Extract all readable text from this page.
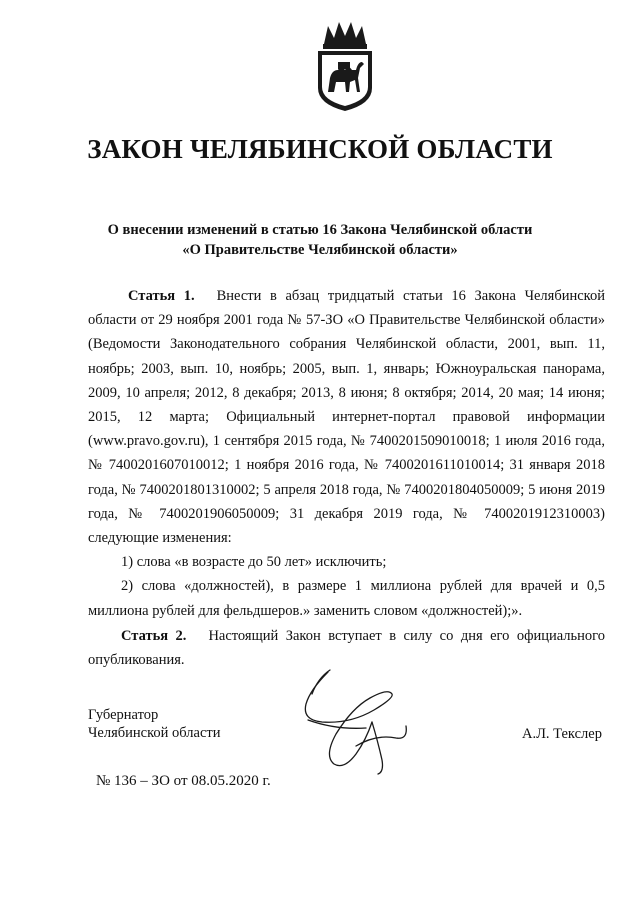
ЗАКОН ЧЕЛЯБИНСКОЙ ОБЛАСТИ
О внесении изменений в статью 16 Закона Челябинской области
«О Правительстве Челябинской области»

Статья 1. Внести в абзац тридцатый статьи 16 Закона Челябинской области от 29 ноября 2001 года № 57-ЗО «О Правительстве Челябинской области» (Ведомости Законодательного собрания Челябинской области, 2001, вып. 11, ноябрь; 2003, вып. 10, ноябрь; 2005, вып. 1, январь; Южноуральская панорама, 2009, 10 апреля; 2012, 8 декабря; 2013, 8 июня; 8 октября; 2014, 20 мая; 14 июня; 2015, 12 марта; Официальный интернет-портал правовой информации (www.pravo.gov.ru), 1 сентября 2015 года, № 7400201509010018; 1 июля 2016 года, № 7400201607010012; 1 ноября 2016 года, № 7400201611010014; 31 января 2018 года, № 7400201801310002; 5 апреля 2018 года, № 7400201804050009; 5 июня 2019 года, № 7400201906050009; 31 декабря 2019 года, № 7400201912310003) следующие изменения:

1) слова «в возрасте до 50 лет» исключить;

2) слова «должностей), в размере 1 миллиона рублей для врачей и 0,5 миллиона рублей для фельдшеров.» заменить словом «должностей);».

Статья 2. Настоящий Закон вступает в силу со дня его официального опубликования.

Губернатор
Челябинской области	А.Л. Текслер
№ 136 – ЗО от 08.05.2020 г.
